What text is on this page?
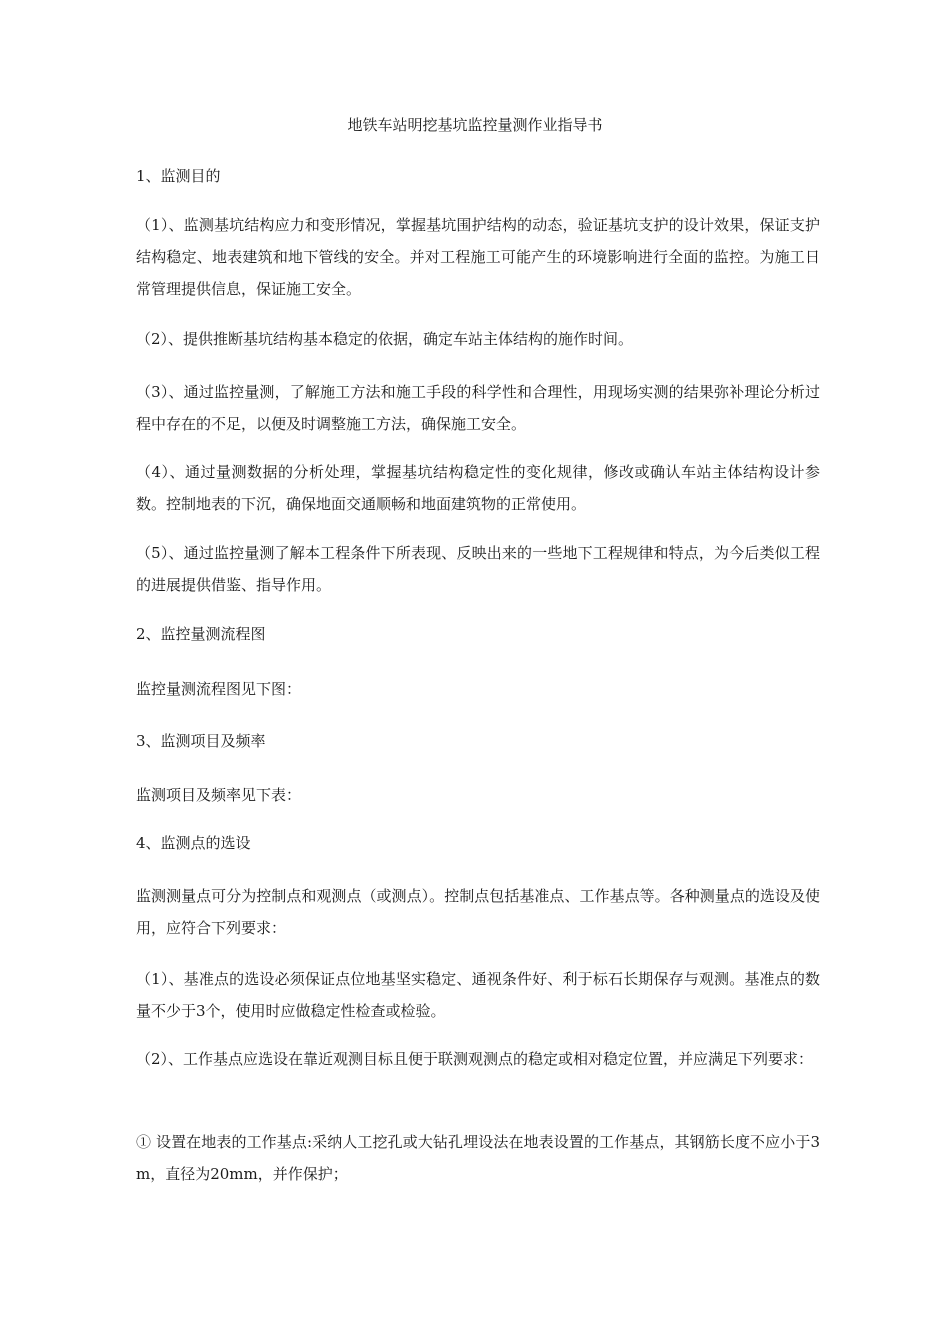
地铁车站明挖基坑监控量测作业指导书

1、监测目的

（1）、监测基坑结构应力和变形情况，掌握基坑围护结构的动态，验证基坑支护的设计效果，保证支护结构稳定、地表建筑和地下管线的安全。并对工程施工可能产生的环境影响进行全面的监控。为施工日常管理提供信息，保证施工安全。

（2）、提供推断基坑结构基本稳定的依据，确定车站主体结构的施作时间。

（3）、通过监控量测，了解施工方法和施工手段的科学性和合理性，用现场实测的结果弥补理论分析过程中存在的不足，以便及时调整施工方法，确保施工安全。

（4）、通过量测数据的分析处理，掌握基坑结构稳定性的变化规律，修改或确认车站主体结构设计参数。控制地表的下沉，确保地面交通顺畅和地面建筑物的正常使用。

（5）、通过监控量测了解本工程条件下所表现、反映出来的一些地下工程规律和特点，为今后类似工程的进展提供借鉴、指导作用。

2、监控量测流程图

监控量测流程图见下图：

3、监测项目及频率

监测项目及频率见下表：

4、监测点的选设

监测测量点可分为控制点和观测点（或测点）。控制点包括基准点、工作基点等。各种测量点的选设及使用，应符合下列要求：

（1）、基准点的选设必须保证点位地基坚实稳定、通视条件好、利于标石长期保存与观测。基准点的数量不少于3个，使用时应做稳定性检查或检验。

（2）、工作基点应选设在靠近观测目标且便于联测观测点的稳定或相对稳定位置，并应满足下列要求：

① 设置在地表的工作基点:采纳人工挖孔或大钻孔埋设法在地表设置的工作基点，其钢筋长度不应小于3m，直径为20mm，并作保护；
